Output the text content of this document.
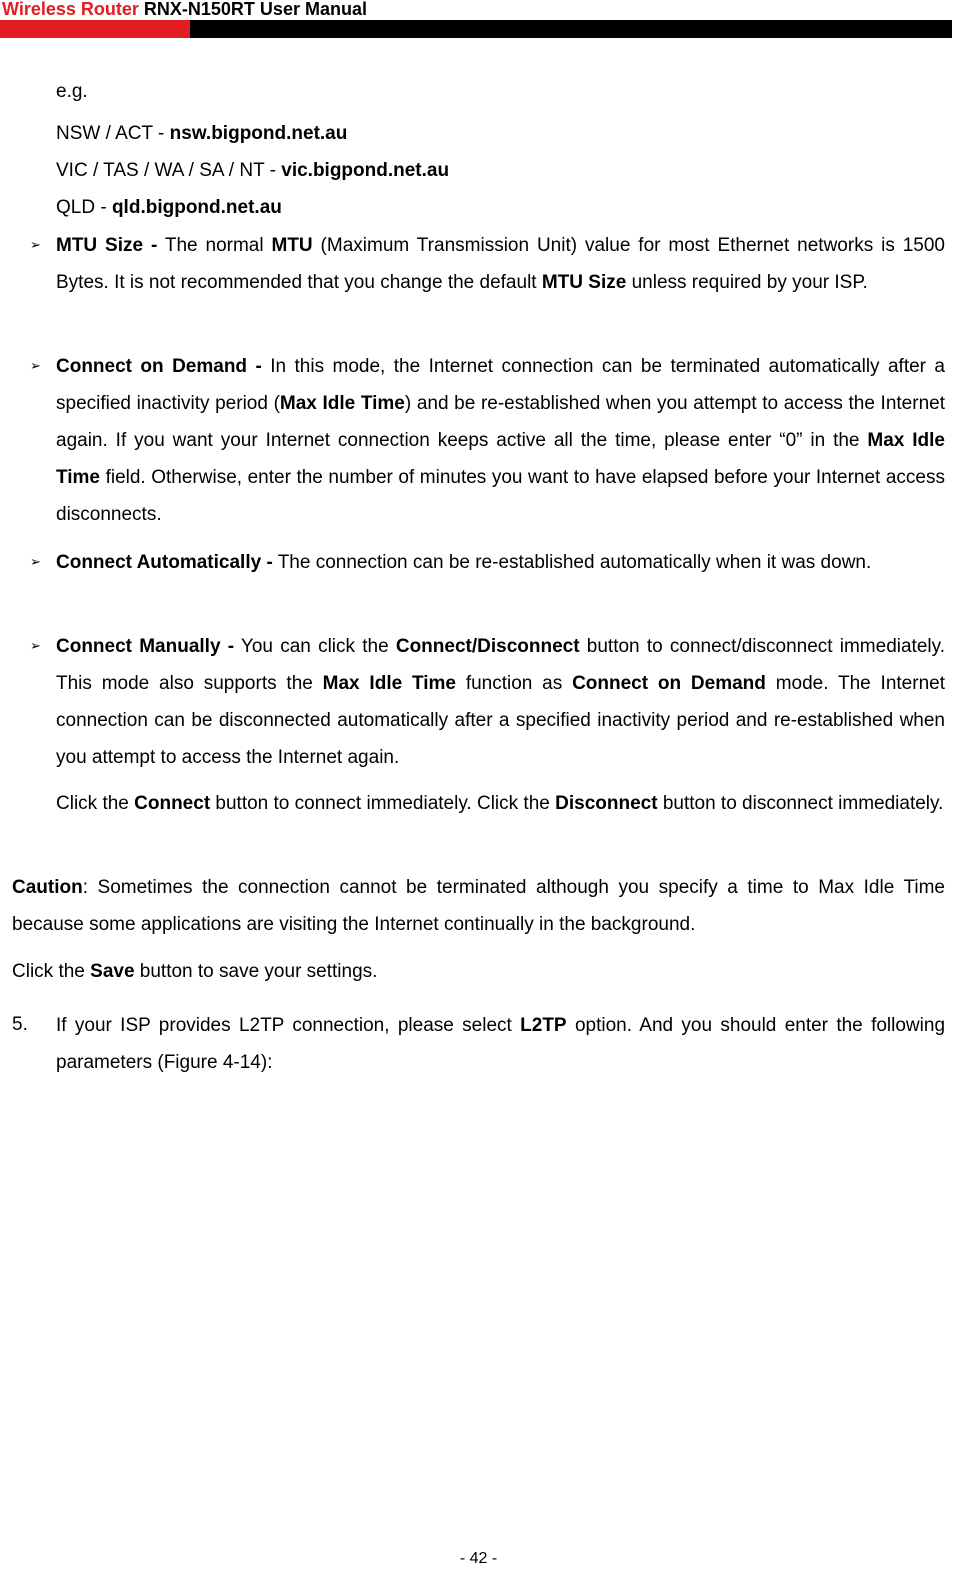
Wireless Router RNX-N150RT User Manual
e.g.
NSW / ACT - nsw.bigpond.net.au
VIC / TAS / WA / SA / NT - vic.bigpond.net.au
QLD - qld.bigpond.net.au
➢ MTU Size - The normal MTU (Maximum Transmission Unit) value for most Ethernet networks is 1500 Bytes. It is not recommended that you change the default MTU Size unless required by your ISP.
➢ Connect on Demand - In this mode, the Internet connection can be terminated automatically after a specified inactivity period (Max Idle Time) and be re-established when you attempt to access the Internet again. If you want your Internet connection keeps active all the time, please enter “0” in the Max Idle Time field. Otherwise, enter the number of minutes you want to have elapsed before your Internet access disconnects.
➢ Connect Automatically - The connection can be re-established automatically when it was down.
➢ Connect Manually - You can click the Connect/Disconnect button to connect/disconnect immediately. This mode also supports the Max Idle Time function as Connect on Demand mode. The Internet connection can be disconnected automatically after a specified inactivity period and re-established when you attempt to access the Internet again.
Click the Connect button to connect immediately. Click the Disconnect button to disconnect immediately.
Caution: Sometimes the connection cannot be terminated although you specify a time to Max Idle Time because some applications are visiting the Internet continually in the background.
Click the Save button to save your settings.
5. If your ISP provides L2TP connection, please select L2TP option. And you should enter the following parameters (Figure 4-14):
- 42 -
